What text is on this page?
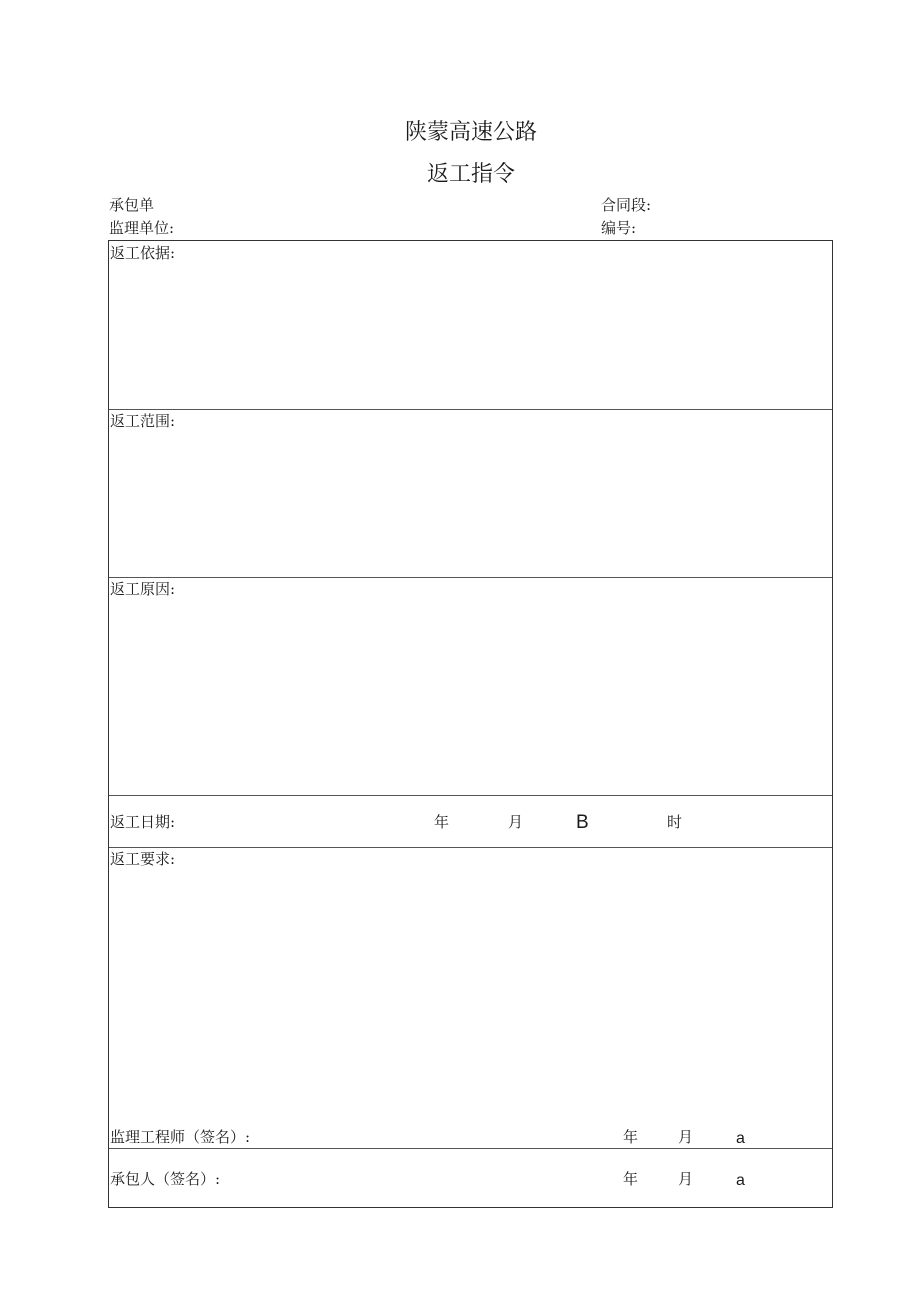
陕蒙高速公路
返工指令
承包单	合同段:
监理单位:	编号:
返工依据:
返工范围:
返工原因:
返工日期:	年	月	B	时
返工要求:
监理工程师（签名）:	年	月	a
承包人（签名）:	年	月	a
